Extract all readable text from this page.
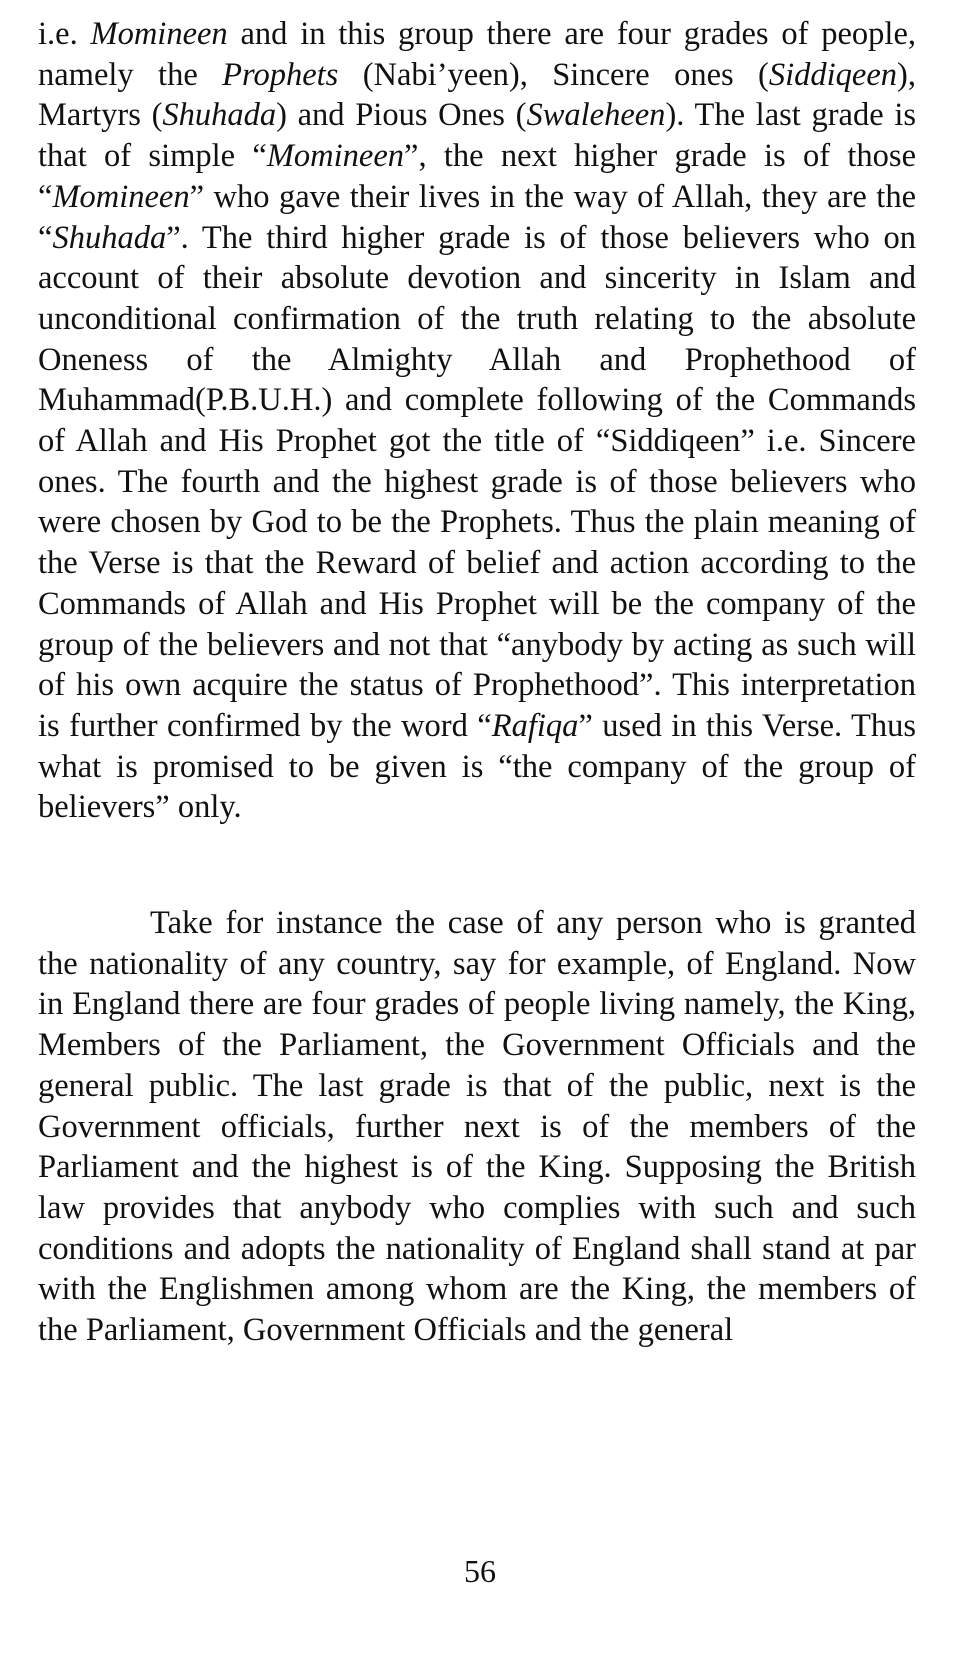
i.e. Momineen and in this group there are four grades of people, namely the Prophets (Nabi’yeen), Sincere ones (Siddiqeen), Martyrs (Shuhada) and Pious Ones (Swaleheen). The last grade is that of simple “Momineen”, the next higher grade is of those “Momineen” who gave their lives in the way of Allah, they are the “Shuhada”. The third higher grade is of those believers who on account of their absolute devotion and sincerity in Islam and unconditional confirmation of the truth relating to the absolute Oneness of the Almighty Allah and Prophethood of Muhammad(P.B.U.H.) and complete following of the Commands of Allah and His Prophet got the title of “Siddiqeen” i.e. Sincere ones. The fourth and the highest grade is of those believers who were chosen by God to be the Prophets. Thus the plain meaning of the Verse is that the Reward of belief and action according to the Commands of Allah and His Prophet will be the company of the group of the believers and not that “anybody by acting as such will of his own acquire the status of Prophethood”. This interpretation is further confirmed by the word “Rafiqa” used in this Verse. Thus what is promised to be given is “the company of the group of believers” only.

Take for instance the case of any person who is granted the nationality of any country, say for example, of England. Now in England there are four grades of people living namely, the King, Members of the Parliament, the Government Officials and the general public. The last grade is that of the public, next is the Government officials, further next is of the members of the Parliament and the highest is of the King. Supposing the British law provides that anybody who complies with such and such conditions and adopts the nationality of England shall stand at par with the Englishmen among whom are the King, the members of the Parliament, Government Officials and the general

56
